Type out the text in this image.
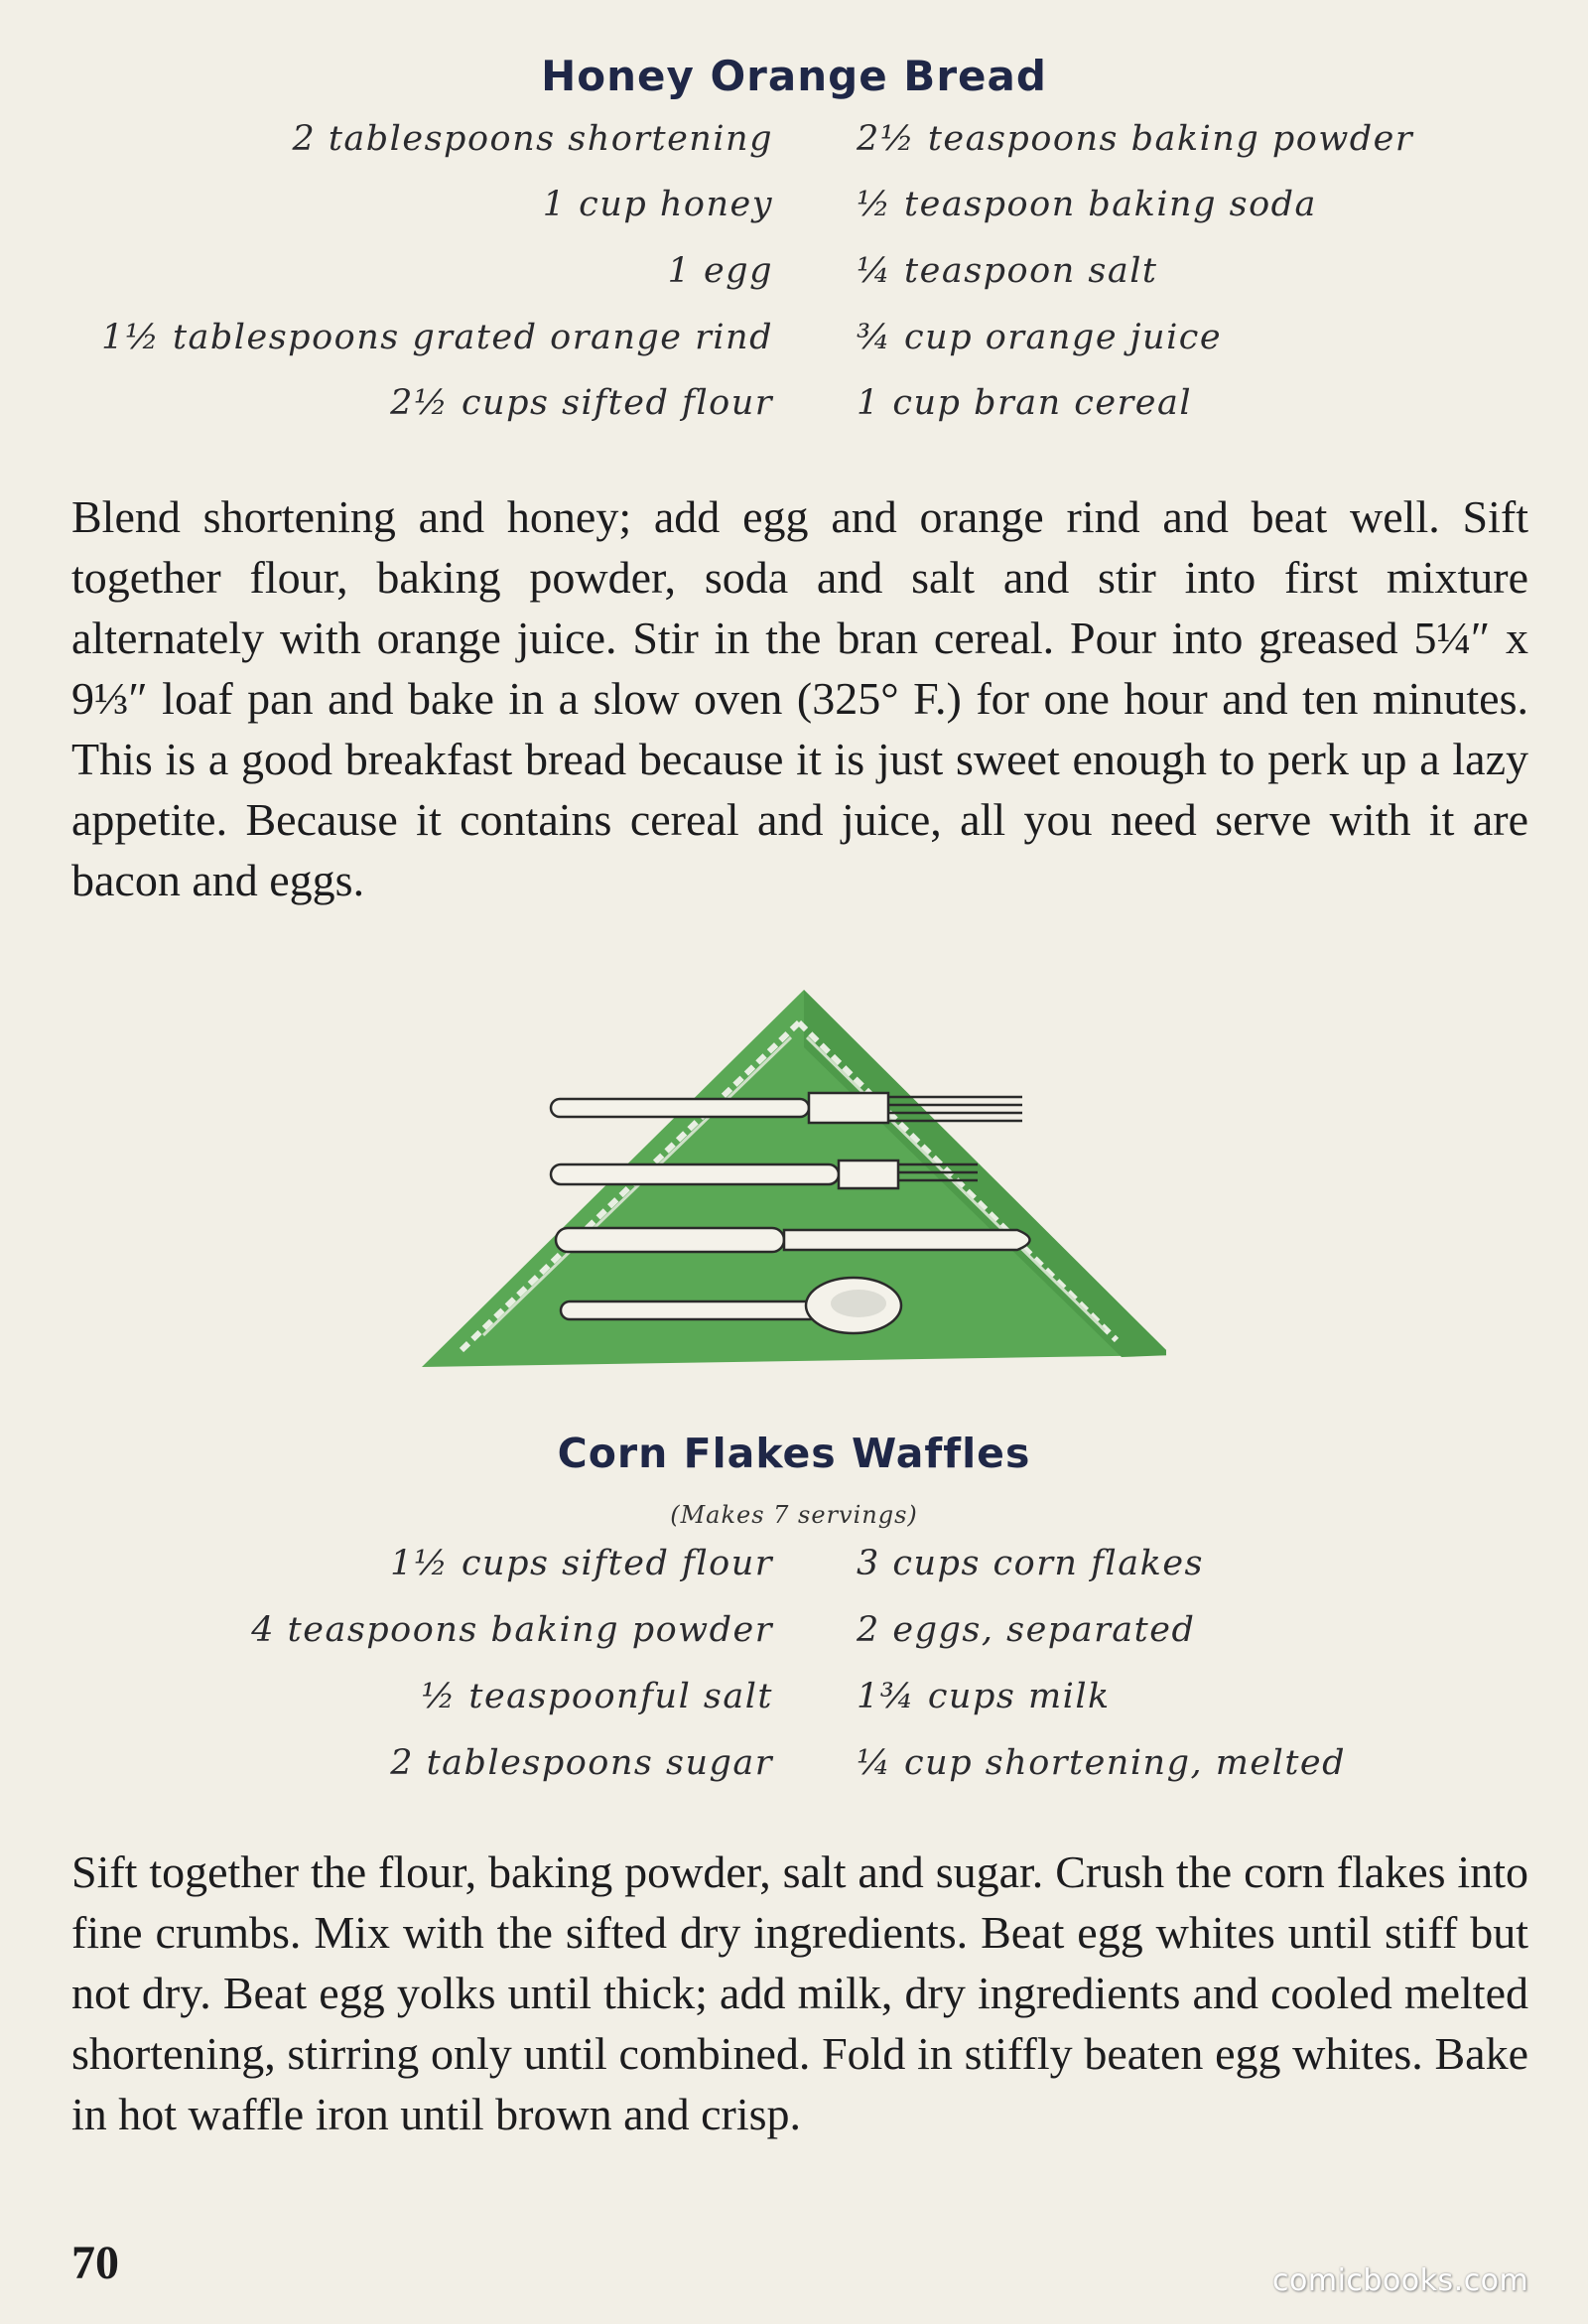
Honey Orange Bread
2 tablespoons shortening
1 cup honey
1 egg
1½ tablespoons grated orange rind
2½ cups sifted flour
2½ teaspoons baking powder
½ teaspoon baking soda
¼ teaspoon salt
¾ cup orange juice
1 cup bran cereal

Blend shortening and honey; add egg and orange rind and beat well. Sift together flour, baking powder, soda and salt and stir into first mixture alternately with orange juice. Stir in the bran cereal. Pour into greased 5¼″ x 9⅓″ loaf pan and bake in a slow oven (325° F.) for one hour and ten minutes. This is a good breakfast bread because it is just sweet enough to perk up a lazy appetite. Because it contains cereal and juice, all you need serve with it are bacon and eggs.

Corn Flakes Waffles
(Makes 7 servings)
1½ cups sifted flour
4 teaspoons baking powder
½ teaspoonful salt
2 tablespoons sugar
3 cups corn flakes
2 eggs, separated
1¾ cups milk
¼ cup shortening, melted

Sift together the flour, baking powder, salt and sugar. Crush the corn flakes into fine crumbs. Mix with the sifted dry ingredients. Beat egg whites until stiff but not dry. Beat egg yolks until thick; add milk, dry ingredients and cooled melted shortening, stirring only until combined. Fold in stiffly beaten egg whites. Bake in hot waffle iron until brown and crisp.

70	comicbooks.com
